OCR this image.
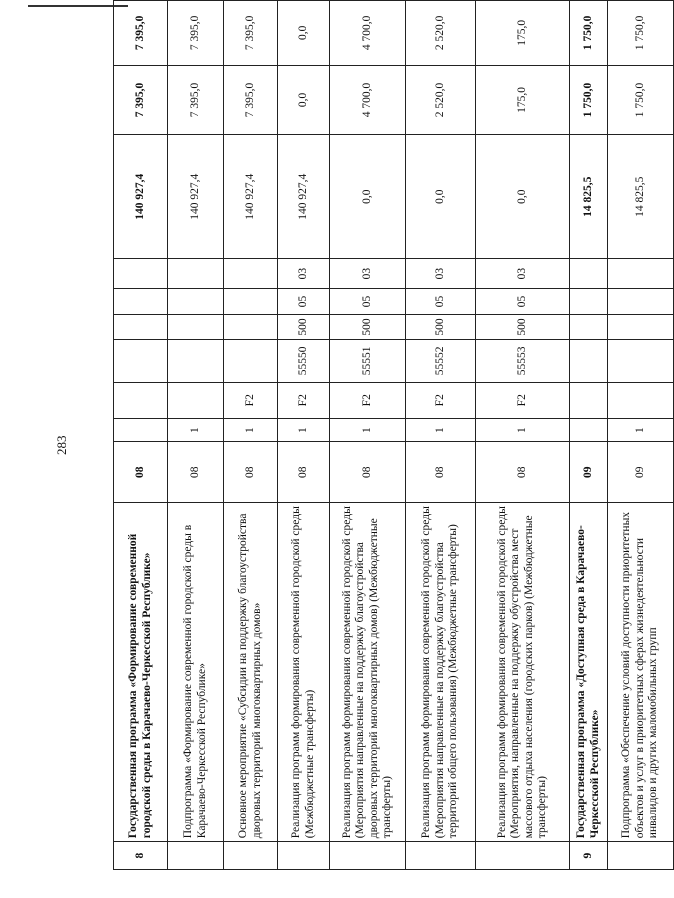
283
8	Государственная программа «Формирование современной городской среды в Карачаево-Черкесской Республике»	08							140 927,4	7 395,0	7 395,0
	Подпрограмма «Формирование современной городской среды в Карачаево-Черкесской Республике»	08	1						140 927,4	7 395,0	7 395,0
	Основное мероприятие «Субсидии на поддержку благоустройства дворовых территорий многоквартирных домов»	08	1	F2					140 927,4	7 395,0	7 395,0
	Реализация программ формирования современной городской среды (Межбюджетные трансферты)	08	1	F2	55550	500	05	03	140 927,4	0,0	0,0
	Реализация программ формирования современной городской среды (Мероприятия направленные на поддержку благоустройства дворовых территорий многоквартирных домов) (Межбюджетные трансферты)	08	1	F2	55551	500	05	03	0,0	4 700,0	4 700,0
	Реализация программ формирования современной городской среды (Мероприятия направленные на поддержку благоустройства территорий общего пользования) (Межбюджетные трансферты)	08	1	F2	55552	500	05	03	0,0	2 520,0	2 520,0
	Реализация программ формирования современной городской среды (Мероприятия, направленные на поддержку обустройства мест массового отдыха населения (городских парков) (Межбюджетные трансферты)	08	1	F2	55553	500	05	03	0,0	175,0	175,0
9	Государственная программа «Доступная среда в Карачаево-Черкесской Республике»	09							14 825,5	1 750,0	1 750,0
	Подпрограмма «Обеспечение условий доступности приоритетных объектов и услуг в приоритетных сферах жизнедеятельности инвалидов и других маломобильных групп	09	1						14 825,5	1 750,0	1 750,0
